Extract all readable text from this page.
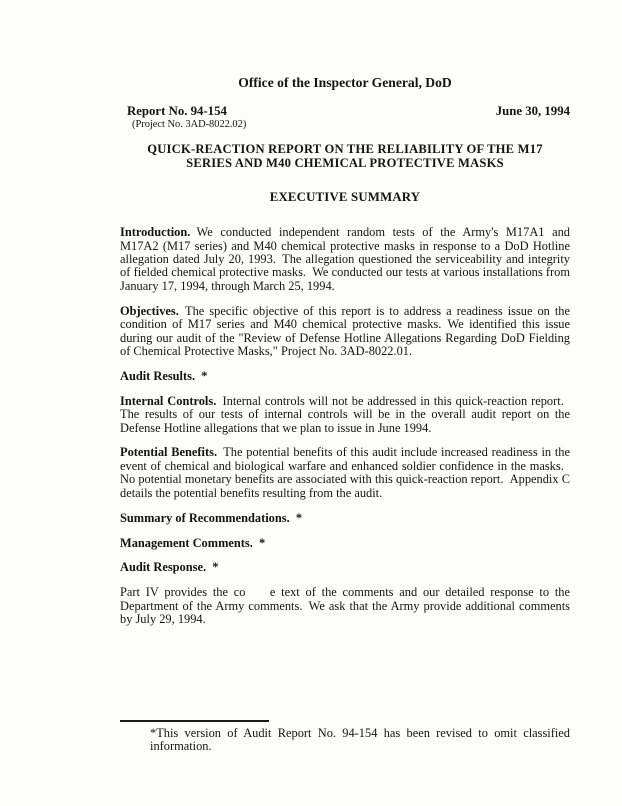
Office of the Inspector General, DoD
Report No. 94-154	June 30, 1994
(Project No. 3AD-8022.02)
QUICK-REACTION REPORT ON THE RELIABILITY OF THE M17
SERIES AND M40 CHEMICAL PROTECTIVE MASKS
EXECUTIVE SUMMARY

Introduction. We conducted independent random tests of the Army's M17A1 and M17A2 (M17 series) and M40 chemical protective masks in response to a DoD Hotline allegation dated July 20, 1993. The allegation questioned the serviceability and integrity of fielded chemical protective masks. We conducted our tests at various installations from January 17, 1994, through March 25, 1994.

Objectives. The specific objective of this report is to address a readiness issue on the condition of M17 series and M40 chemical protective masks. We identified this issue during our audit of the "Review of Defense Hotline Allegations Regarding DoD Fielding of Chemical Protective Masks," Project No. 3AD-8022.01.

Audit Results. *

Internal Controls. Internal controls will not be addressed in this quick-reaction report. The results of our tests of internal controls will be in the overall audit report on the Defense Hotline allegations that we plan to issue in June 1994.

Potential Benefits. The potential benefits of this audit include increased readiness in the event of chemical and biological warfare and enhanced soldier confidence in the masks. No potential monetary benefits are associated with this quick-reaction report. Appendix C details the potential benefits resulting from the audit.

Summary of Recommendations. *

Management Comments. *

Audit Response. *

Part IV provides the co   e text of the comments and our detailed response to the Department of the Army comments. We ask that the Army provide additional comments by July 29, 1994.

*This version of Audit Report No. 94-154 has been revised to omit classified information.
